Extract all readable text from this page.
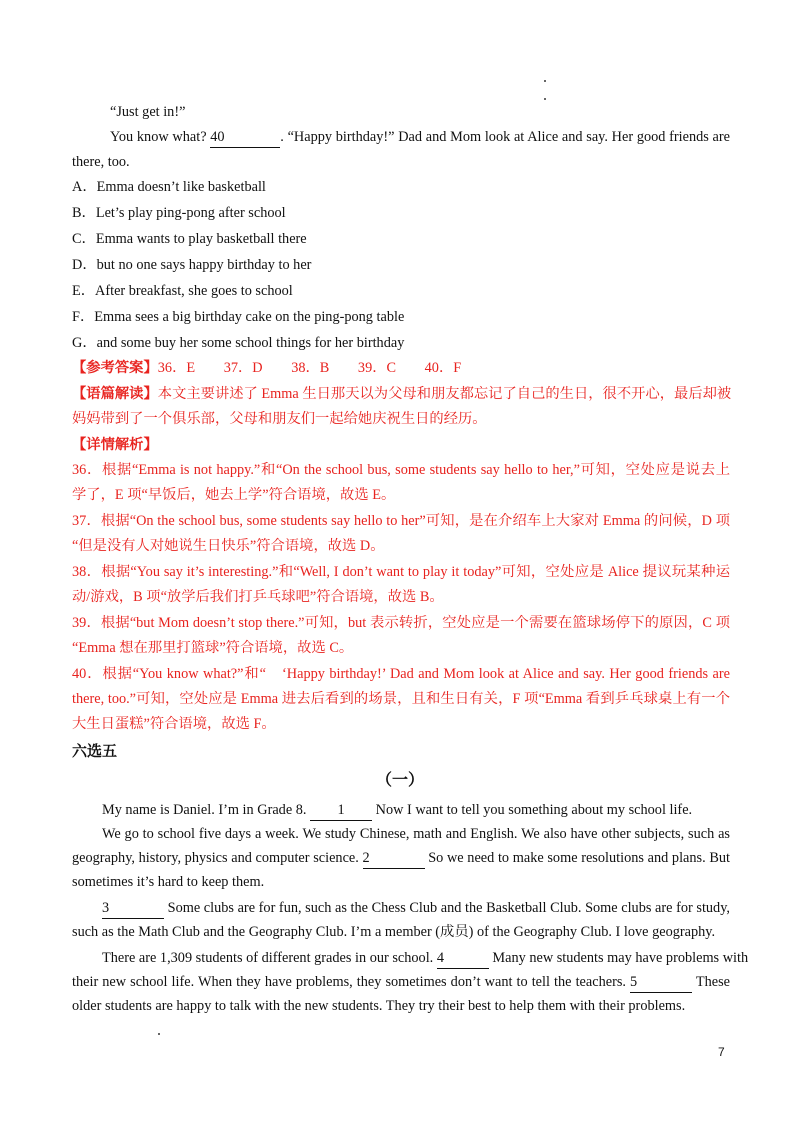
“Just get in!”
You know what? 40	. “Happy birthday!” Dad and Mom look at Alice and say. Her good friends are
there, too.
A．Emma doesn’t like basketball
B．Let’s play ping-pong after school
C．Emma wants to play basketball there
D．but no one says happy birthday to her
E．After breakfast, she goes to school
F．Emma sees a big birthday cake on the ping-pong table
G．and some buy her some school things for her birthday
【参考答案】36．E　　37．D　　38．B　　39．C　　40．F
【语篇解读】本文主要讲述了 Emma 生日那天以为父母和朋友都忘记了自己的生日，很不开心，最后却被
妈妈带到了一个俱乐部，父母和朋友们一起给她庆祝生日的经历。
【详情解析】
36．根据“Emma is not happy.”和“On the school bus, some students say hello to her,”可知，空处应是说去上
学了，E 项“早饭后，她去上学”符合语境，故选 E。
37．根据“On the school bus, some students say hello to her”可知，是在介绍车上大家对 Emma 的问候，D 项
“但是没有人对她说生日快乐”符合语境，故选 D。
38．根据“You say it’s interesting.”和“Well, I don’t want to play it today”可知，空处应是 Alice 提议玩某种运
动/游戏，B 项“放学后我们打乒乓球吧”符合语境，故选 B。
39．根据“but Mom doesn’t stop there.”可知，but 表示转折，空处应是一个需要在篮球场停下的原因，C 项
“Emma 想在那里打篮球”符合语境，故选 C。
40．根据“You know what?”和“　‘Happy birthday!’ Dad and Mom look at Alice and say. Her good friends are
there, too.”可知，空处应是 Emma 进去后看到的场景，且和生日有关，F 项“Emma 看到乒乓球桌上有一个
大生日蛋糕”符合语境，故选 F。
六选五
（一）
My name is Daniel. I’m in Grade 8. 1 Now I want to tell you something about my school life.
We go to school five days a week. We study Chinese, math and English. We also have other subjects, such as
geography, history, physics and computer science. 2	So we need to make some resolutions and plans. But
sometimes it’s hard to keep them.
3	Some clubs are for fun, such as the Chess Club and the Basketball Club. Some clubs are for study,
such as the Math Club and the Geography Club. I’m a member (成员) of the Geography Club. I love geography.
There are 1,309 students of different grades in our school. 4	Many new students may have problems with
their new school life. When they have problems, they sometimes don’t want to tell the teachers. 5	These
older students are happy to talk with the new students. They try their best to help them with their problems.
7
